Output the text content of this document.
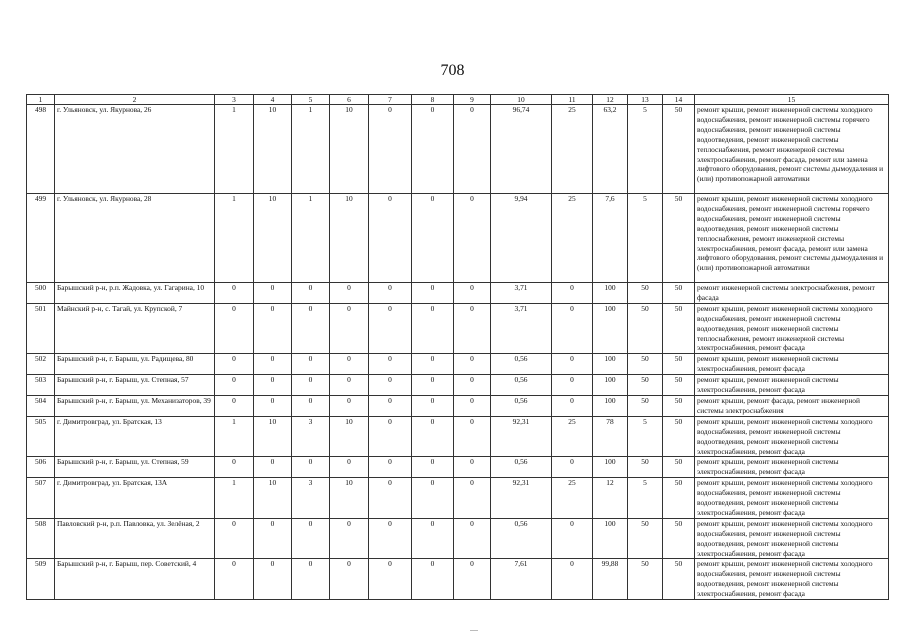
708
1	2	3	4	5	6	7	8	9	10	11	12	13	14	15
498	г. Ульяновск, ул. Якурнова, 26	1	10	1	10	0	0	0	96,74	25	63,2	5	50	ремонт крыши, ремонт инженерной системы холодного водоснабжения, ремонт инженерной системы горячего водоснабжения, ремонт инженерной системы водоотведения, ремонт инженерной системы теплоснабжения, ремонт инженерной системы электроснабжения, ремонт фасада, ремонт или замена лифтового оборудования, ремонт системы дымоудаления и (или) противопожарной автоматики
499	г. Ульяновск, ул. Якурнова, 28	1	10	1	10	0	0	0	9,94	25	7,6	5	50	ремонт крыши, ремонт инженерной системы холодного водоснабжения, ремонт инженерной системы горячего водоснабжения, ремонт инженерной системы водоотведения, ремонт инженерной системы теплоснабжения, ремонт инженерной системы электроснабжения, ремонт фасада, ремонт или замена лифтового оборудования, ремонт системы дымоудаления и (или) противопожарной автоматики
500	Барышский р-н, р.п. Жадовка, ул. Гагарина, 10	0	0	0	0	0	0	0	3,71	0	100	50	50	ремонт инженерной системы электроснабжения, ремонт фасада
501	Майнский р-н, с. Тагай, ул. Крупской, 7	0	0	0	0	0	0	0	3,71	0	100	50	50	ремонт крыши, ремонт инженерной системы холодного водоснабжения, ремонт инженерной системы водоотведения, ремонт инженерной системы теплоснабжения, ремонт инженерной системы электроснабжения, ремонт фасада
502	Барышский р-н, г. Барыш, ул. Радищева, 80	0	0	0	0	0	0	0	0,56	0	100	50	50	ремонт крыши, ремонт инженерной системы электроснабжения, ремонт фасада
503	Барышский р-н, г. Барыш, ул. Степная, 57	0	0	0	0	0	0	0	0,56	0	100	50	50	ремонт крыши, ремонт инженерной системы электроснабжения, ремонт фасада
504	Барышский р-н, г. Барыш, ул. Механизаторов, 39	0	0	0	0	0	0	0	0,56	0	100	50	50	ремонт крыши, ремонт фасада, ремонт инженерной системы электроснабжения
505	г. Димитровград, ул. Братская, 13	1	10	3	10	0	0	0	92,31	25	78	5	50	ремонт крыши, ремонт инженерной системы холодного водоснабжения, ремонт инженерной системы водоотведения, ремонт инженерной системы электроснабжения, ремонт фасада
506	Барышский р-н, г. Барыш, ул. Степная, 59	0	0	0	0	0	0	0	0,56	0	100	50	50	ремонт крыши, ремонт инженерной системы электроснабжения, ремонт фасада
507	г. Димитровград, ул. Братская, 13А	1	10	3	10	0	0	0	92,31	25	12	5	50	ремонт крыши, ремонт инженерной системы холодного водоснабжения, ремонт инженерной системы водоотведения, ремонт инженерной системы электроснабжения, ремонт фасада
508	Павловский р-н, р.п. Павловка, ул. Зелёная, 2	0	0	0	0	0	0	0	0,56	0	100	50	50	ремонт крыши, ремонт инженерной системы холодного водоснабжения, ремонт инженерной системы водоотведения, ремонт инженерной системы электроснабжения, ремонт фасада
509	Барышский р-н, г. Барыш, пер. Советский, 4	0	0	0	0	0	0	0	7,61	0	99,88	50	50	ремонт крыши, ремонт инженерной системы холодного водоснабжения, ремонт инженерной системы водоотведения, ремонт инженерной системы электроснабжения, ремонт фасада
